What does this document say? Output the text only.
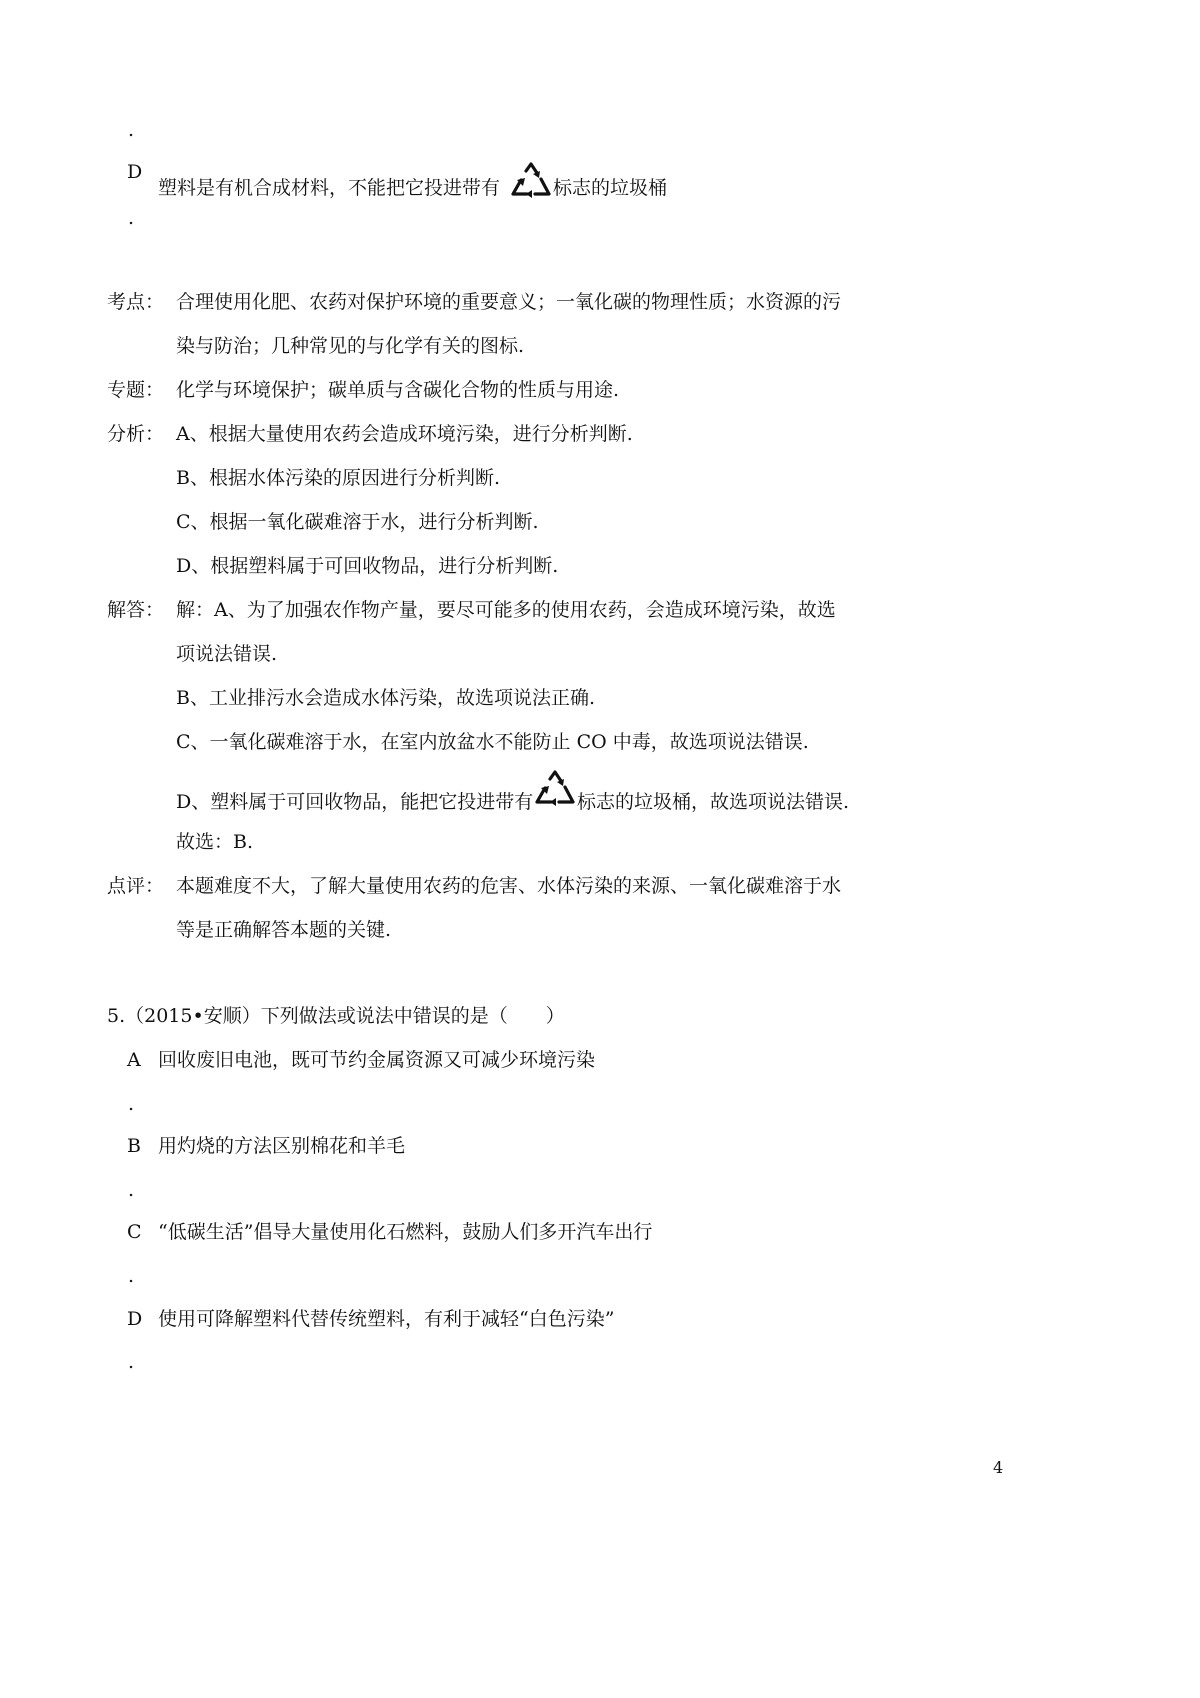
.
D
塑料是有机合成材料，不能把它投进带有	标志的垃圾桶
.
考点： 合理使用化肥、农药对保护环境的重要意义；一氧化碳的物理性质；水资源的污
染与防治；几种常见的与化学有关的图标.
专题： 化学与环境保护；碳单质与含碳化合物的性质与用途.
分析： A、根据大量使用农药会造成环境污染，进行分析判断.
B、根据水体污染的原因进行分析判断.
C、根据一氧化碳难溶于水，进行分析判断.
D、根据塑料属于可回收物品，进行分析判断.
解答： 解：A、为了加强农作物产量，要尽可能多的使用农药，会造成环境污染，故选
项说法错误.
B、工业排污水会造成水体污染，故选项说法正确.
C、一氧化碳难溶于水，在室内放盆水不能防止 CO 中毒，故选项说法错误.
D、塑料属于可回收物品，能把它投进带有 标志的垃圾桶，故选项说法错误.
故选：B.
点评： 本题难度不大，了解大量使用农药的危害、水体污染的来源、一氧化碳难溶于水
等是正确解答本题的关键.
5.（2015•安顺）下列做法或说法中错误的是（　　）
A 回收废旧电池，既可节约金属资源又可减少环境污染
.
B 用灼烧的方法区别棉花和羊毛
.
C “低碳生活”倡导大量使用化石燃料，鼓励人们多开汽车出行
.
D 使用可降解塑料代替传统塑料，有利于减轻“白色污染”
.
4
